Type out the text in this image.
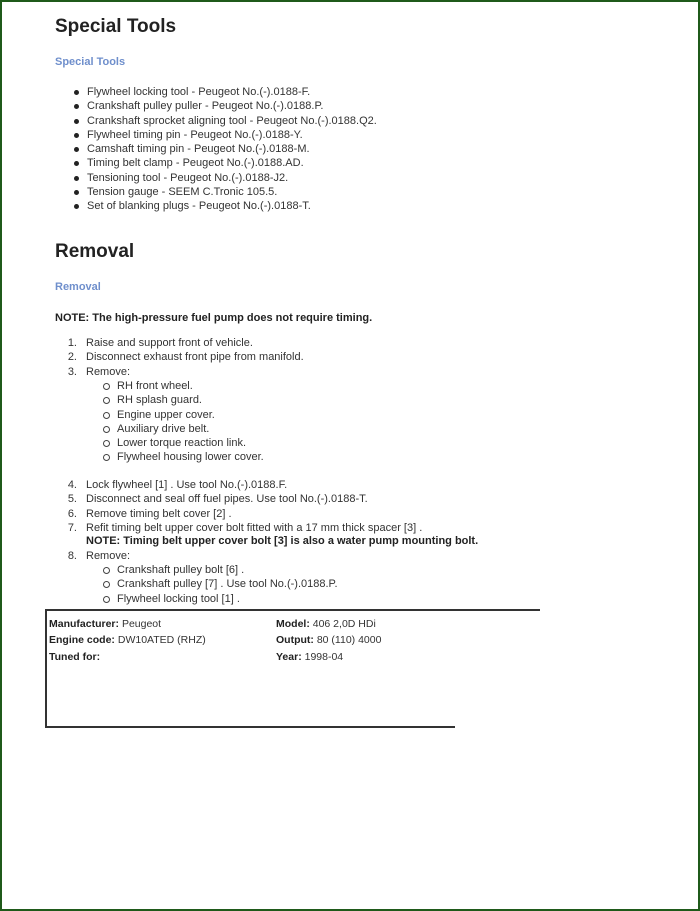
Special Tools
Special Tools
Flywheel locking tool - Peugeot No.(-).0188-F.
Crankshaft pulley puller - Peugeot No.(-).0188.P.
Crankshaft sprocket aligning tool - Peugeot No.(-).0188.Q2.
Flywheel timing pin - Peugeot No.(-).0188-Y.
Camshaft timing pin - Peugeot No.(-).0188-M.
Timing belt clamp - Peugeot No.(-).0188.AD.
Tensioning tool - Peugeot No.(-).0188-J2.
Tension gauge - SEEM C.Tronic 105.5.
Set of blanking plugs - Peugeot No.(-).0188-T.
Removal
Removal
NOTE: The high-pressure fuel pump does not require timing.
1. Raise and support front of vehicle.
2. Disconnect exhaust front pipe from manifold.
3. Remove:
RH front wheel.
RH splash guard.
Engine upper cover.
Auxiliary drive belt.
Lower torque reaction link.
Flywheel housing lower cover.
4. Lock flywheel [1] . Use tool No.(-).0188.F.
5. Disconnect and seal off fuel pipes. Use tool No.(-).0188-T.
6. Remove timing belt cover [2] .
7. Refit timing belt upper cover bolt fitted with a 17 mm thick spacer [3] .
NOTE: Timing belt upper cover bolt [3] is also a water pump mounting bolt.
8. Remove:
Crankshaft pulley bolt [6] .
Crankshaft pulley [7] . Use tool No.(-).0188.P.
Flywheel locking tool [1] .
Manufacturer: Peugeot
Engine code: DW10ATED (RHZ)
Tuned for:
Model: 406 2,0D HDi
Output: 80 (110) 4000
Year: 1998-04
